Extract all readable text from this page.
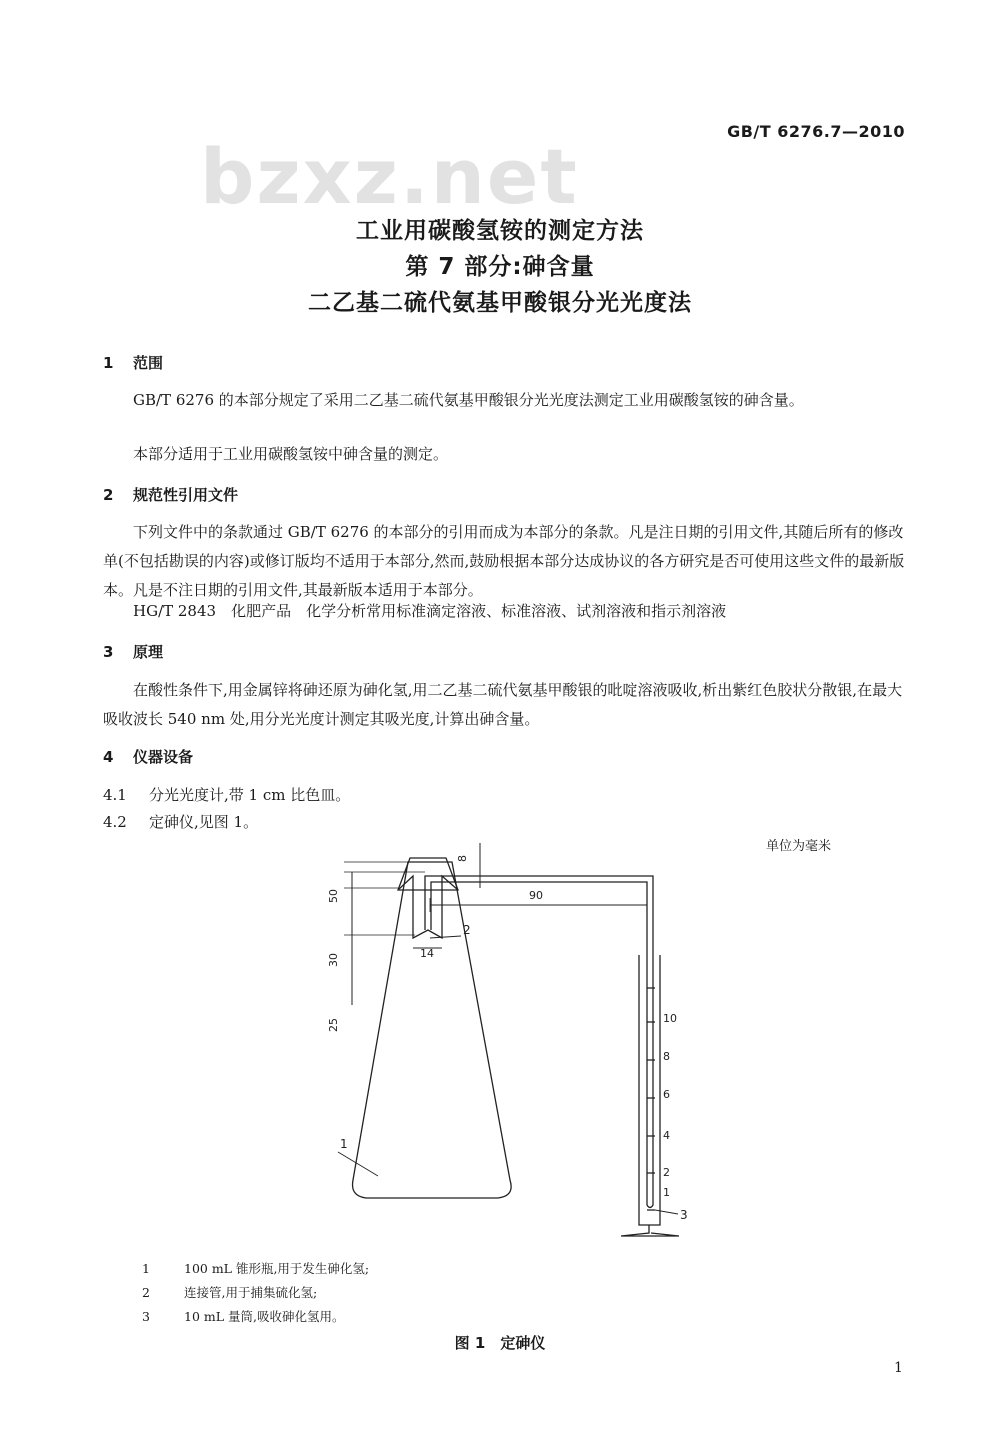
GB/T 6276.7—2010
bzxz.net
工业用碳酸氢铵的测定方法
第 7 部分:砷含量
二乙基二硫代氨基甲酸银分光光度法
1 范围
GB/T 6276 的本部分规定了采用二乙基二硫代氨基甲酸银分光光度法测定工业用碳酸氢铵的砷含量。
本部分适用于工业用碳酸氢铵中砷含量的测定。
2 规范性引用文件
下列文件中的条款通过 GB/T 6276 的本部分的引用而成为本部分的条款。凡是注日期的引用文件,其随后所有的修改单(不包括勘误的内容)或修订版均不适用于本部分,然而,鼓励根据本部分达成协议的各方研究是否可使用这些文件的最新版本。凡是不注日期的引用文件,其最新版本适用于本部分。
HG/T 2843　化肥产品　化学分析常用标准滴定溶液、标准溶液、试剂溶液和指示剂溶液
3 原理
在酸性条件下,用金属锌将砷还原为砷化氢,用二乙基二硫代氨基甲酸银的吡啶溶液吸收,析出紫红色胶状分散银,在最大吸收波长 540 nm 处,用分光光度计测定其吸光度,计算出砷含量。
4 仪器设备
4.1 分光光度计,带 1 cm 比色皿。
4.2 定砷仪,见图 1。
单位为毫米
50
30
25
90
8
14
1
2
3
10
8
6
4
2
1
1	100 mL 锥形瓶,用于发生砷化氢;
2	连接管,用于捕集硫化氢;
3	10 mL 量筒,吸收砷化氢用。
图 1　定砷仪
1
